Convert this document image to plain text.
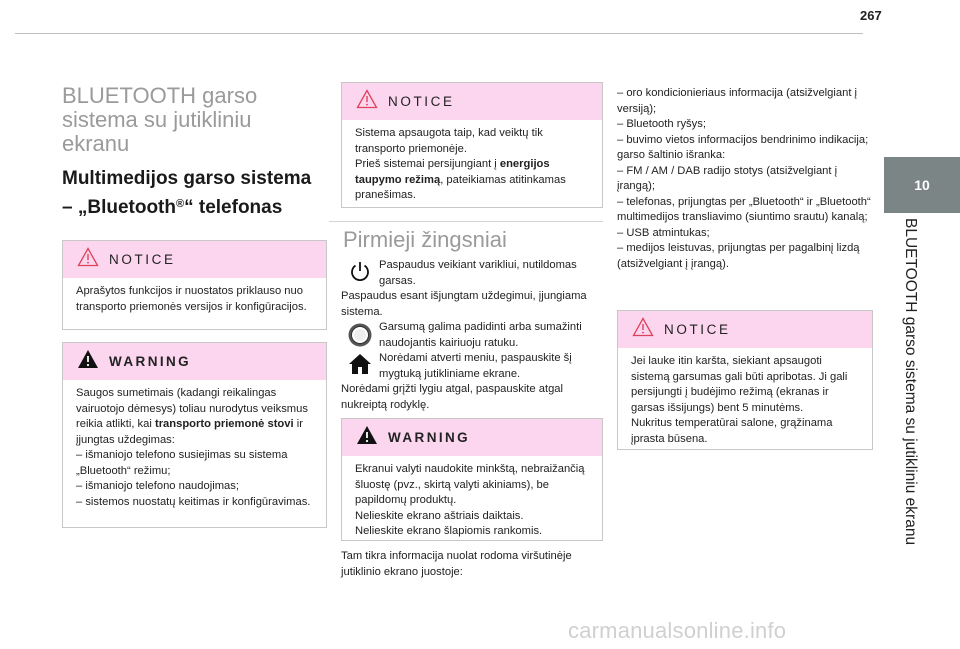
267
10
BLUETOOTH garso sistema su jutikliniu ekranu
BLUETOOTH garso sistema su jutikliniu ekranu
Multimedijos garso sistema – „Bluetooth®“ telefonas
NOTICE
Aprašytos funkcijos ir nuostatos priklauso nuo transporto priemonės versijos ir konfigūracijos.
WARNING

Saugos sumetimais (kadangi reikalingas vairuotojo dėmesys) toliau nurodytus veiksmus reikia atlikti, kai transporto priemonė stovi ir įjungtas uždegimas:

– išmaniojo telefono susiejimas su sistema „Bluetooth“ režimu;

– išmaniojo telefono naudojimas;

– sistemos nuostatų keitimas ir konfigūravimas.

NOTICE

Sistema apsaugota taip, kad veiktų tik transporto priemonėje.

Prieš sistemai persijungiant į energijos taupymo režimą, pateikiamas atitinkamas pranešimas.

Pirmieji žingsniai
Paspaudus veikiant varikliui, nutildomas garsas.

Paspaudus esant išjungtam uždegimui, įjungiama sistema.

Garsumą galima padidinti arba sumažinti naudojantis kairiuoju ratuku.
Norėdami atverti meniu, paspauskite šį mygtuką jutikliniame ekrane.

Norėdami grįžti lygiu atgal, paspauskite atgal nukreiptą rodyklę.

WARNING

Ekranui valyti naudokite minkštą, nebraižančią šluostę (pvz., skirtą valyti akiniams), be papildomų produktų.

Nelieskite ekrano aštriais daiktais.

Nelieskite ekrano šlapiomis rankomis.

Tam tikra informacija nuolat rodoma viršutinėje jutiklinio ekrano juostoje:

– oro kondicionieriaus informacija (atsižvelgiant į versiją);

– Bluetooth ryšys;

– buvimo vietos informacijos bendrinimo indikacija;

garso šaltinio išranka:

– FM / AM / DAB radijo stotys (atsižvelgiant į įrangą);

– telefonas, prijungtas per „Bluetooth“ ir „Bluetooth“ multimedijos transliavimo (siuntimo srautu) kanalą;

– USB atmintukas;

– medijos leistuvas, prijungtas per pagalbinį lizdą (atsižvelgiant į įrangą).

NOTICE

Jei lauke itin karšta, siekiant apsaugoti sistemą garsumas gali būti apribotas. Ji gali persijungti į budėjimo režimą (ekranas ir garsas išsijungs) bent 5 minutėms.

Nukritus temperatūrai salone, grąžinama įprasta būsena.

carmanualsonline.info
